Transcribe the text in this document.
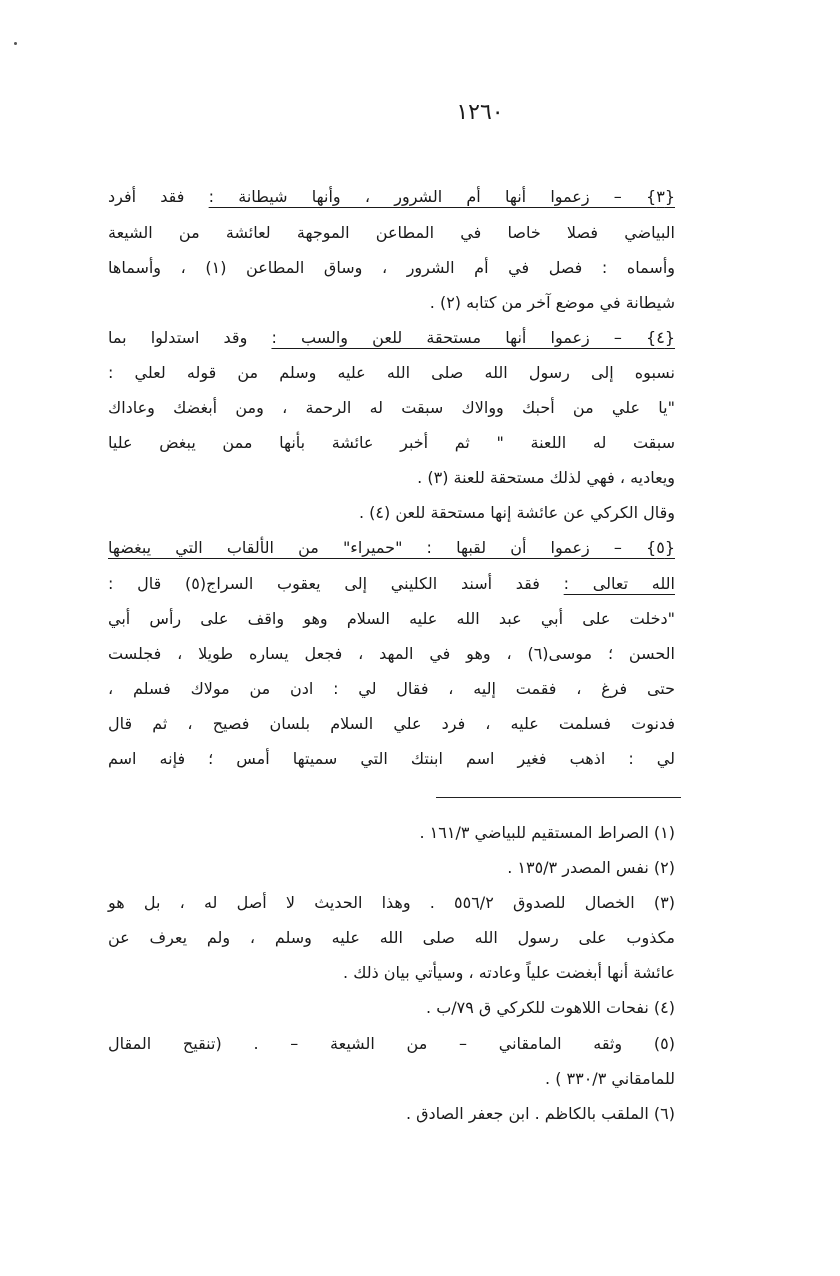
١٢٦٠
{٣} – زعموا أنها أم الشرور ، وأنها شيطانة : فقد أفرد
البياضي فصلا خاصا في المطاعن الموجهة لعائشة من الشيعة
وأسماه : فصل في أم الشرور ، وساق المطاعن (١) ، وأسماها
شيطانة في موضع آخر من كتابه (٢) .
{٤} – زعموا أنها مستحقة للعن والسب : وقد استدلوا بما
نسبوه إلى رسول الله صلى الله عليه وسلم من قوله لعلي :
"يا علي من أحبك ووالاك سبقت له الرحمة ، ومن أبغضك وعاداك
سبقت له اللعنة " ثم أخبر عائشة بأنها ممن يبغض عليا
ويعاديه ، فهي لذلك مستحقة للعنة (٣) .
وقال الكركي عن عائشة إنها مستحقة للعن (٤) .
{٥} – زعموا أن لقبها : "حميراء" من الألقاب التي يبغضها
الله تعالى : فقد أسند الكليني إلى يعقوب السراج(٥) قال :
"دخلت على أبي عبد الله عليه السلام وهو واقف على رأس أبي
الحسن ؛ موسى(٦) ، وهو في المهد ، فجعل يساره طويلا ، فجلست
حتى فرغ ، فقمت إليه ، فقال لي : ادن من مولاك فسلم ،
فدنوت فسلمت عليه ، فرد علي السلام بلسان فصيح ، ثم قال
لي : اذهب فغير اسم ابنتك التي سميتها أمس ؛ فإنه اسم
(١) الصراط المستقيم للبياضي ١٦١/٣ .
(٢) نفس المصدر ١٣٥/٣ .
(٣) الخصال للصدوق ٥٥٦/٢ . وهذا الحديث لا أصل له ، بل هو
مكذوب على رسول الله صلى الله عليه وسلم ، ولم يعرف عن
عائشة أنها أبغضت علياً وعادته ، وسيأتي بيان ذلك .
(٤) نفحات اللاهوت للكركي ق ٧٩/ب .
(٥) وثقه المامقاني – من الشيعة – . (تنقيح المقال
للمامقاني ٣٣٠/٣ ) .
(٦) الملقب بالكاظم . ابن جعفر الصادق .
